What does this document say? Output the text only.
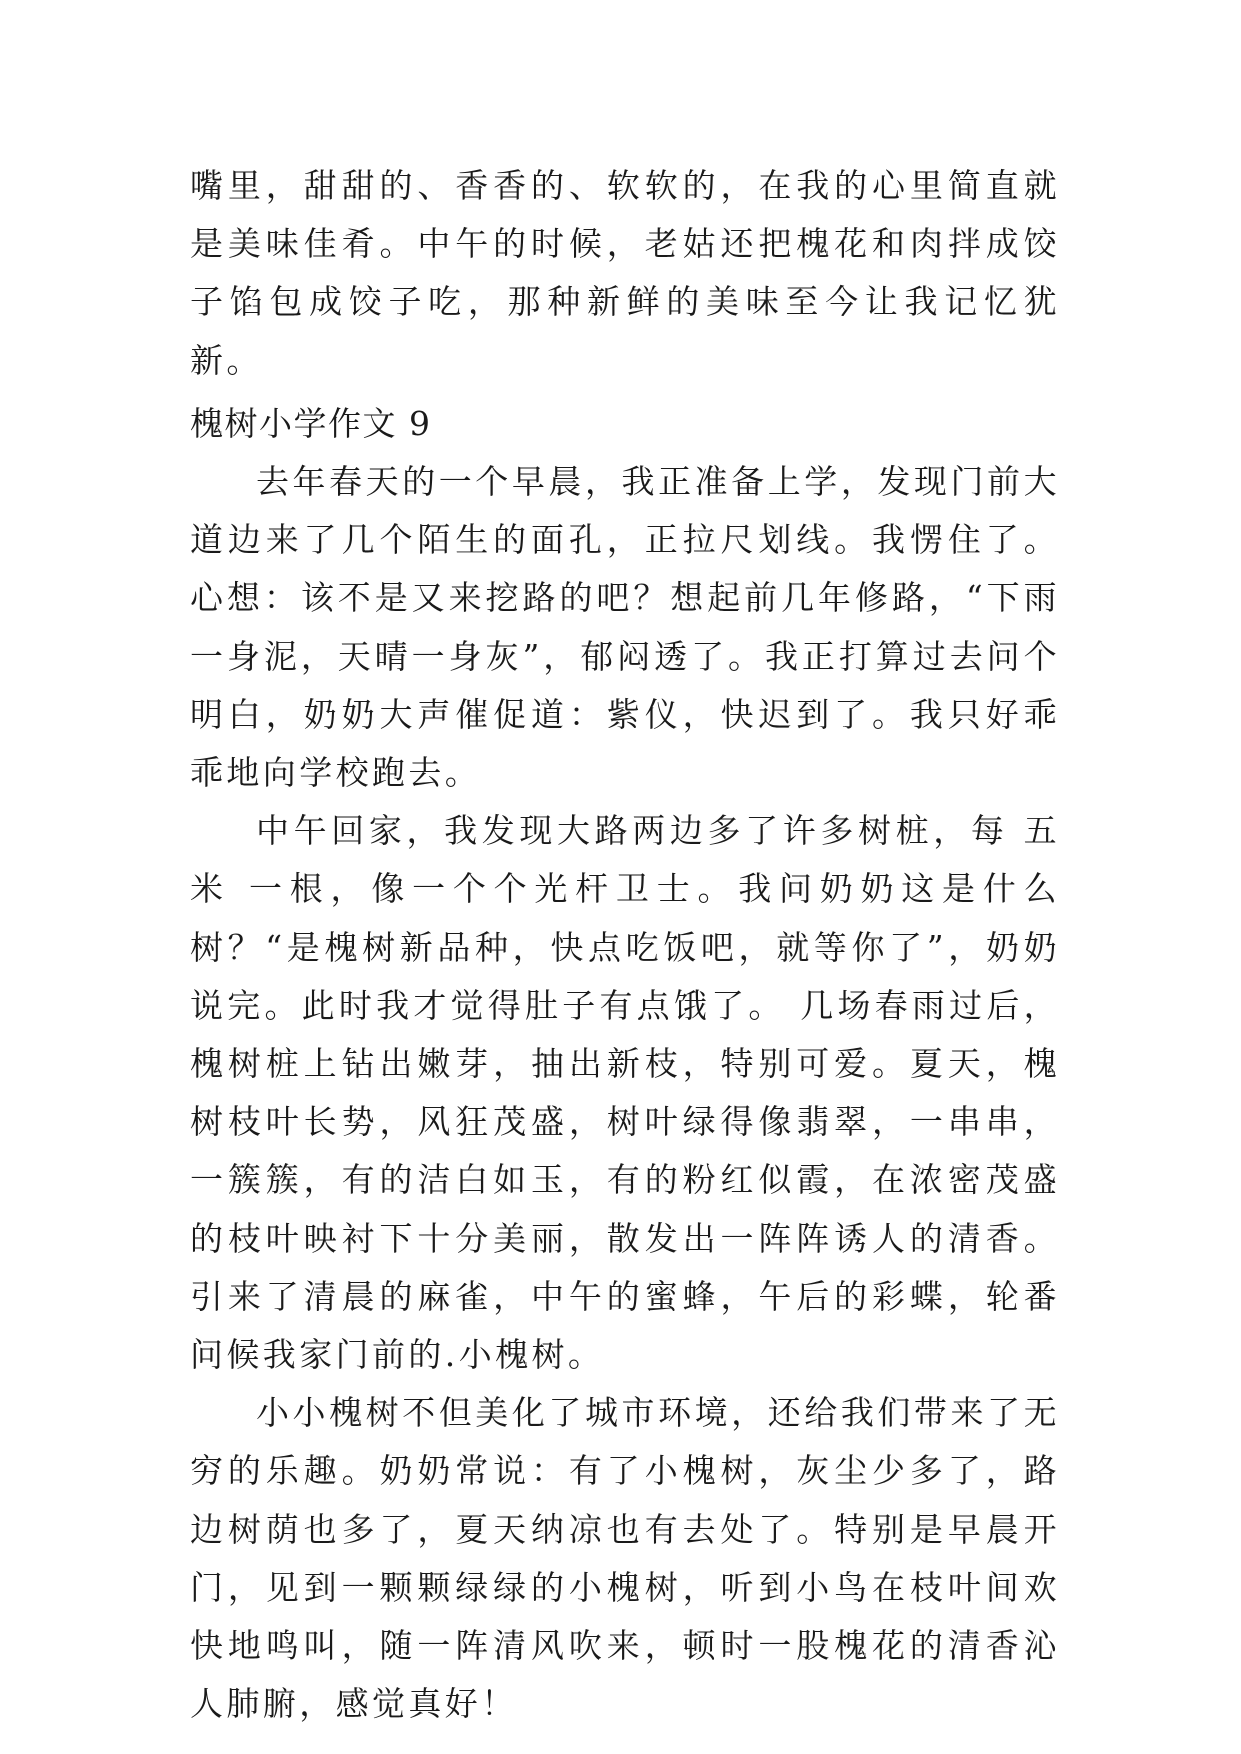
嘴里，甜甜的、香香的、软软的，在我的心里简直就是美味佳肴。中午的时候，老姑还把槐花和肉拌成饺子馅包成饺子吃，那种新鲜的美味至今让我记忆犹新。

槐树小学作文 9

去年春天的一个早晨，我正准备上学，发现门前大道边来了几个陌生的面孔，正拉尺划线。我愣住了。心想：该不是又来挖路的吧？想起前几年修路，“下雨一身泥，天晴一身灰”，郁闷透了。我正打算过去问个明白，奶奶大声催促道：紫仪，快迟到了。我只好乖乖地向学校跑去。

中午回家，我发现大路两边多了许多树桩，每 五米 一根，像一个个光杆卫士。我问奶奶这是什么树？“是槐树新品种，快点吃饭吧，就等你了”，奶奶说完。此时我才觉得肚子有点饿了。 几场春雨过后，槐树桩上钻出嫩芽，抽出新枝，特别可爱。夏天，槐树枝叶长势，风狂茂盛，树叶绿得像翡翠，一串串，一簇簇，有的洁白如玉，有的粉红似霞，在浓密茂盛的枝叶映衬下十分美丽，散发出一阵阵诱人的清香。引来了清晨的麻雀，中午的蜜蜂，午后的彩蝶，轮番问候我家门前的.小槐树。

小小槐树不但美化了城市环境，还给我们带来了无穷的乐趣。奶奶常说：有了小槐树，灰尘少多了，路边树荫也多了，夏天纳凉也有去处了。特别是早晨开门，见到一颗颗绿绿的小槐树，听到小鸟在枝叶间欢快地鸣叫，随一阵清风吹来，顿时一股槐花的清香沁人肺腑，感觉真好！
